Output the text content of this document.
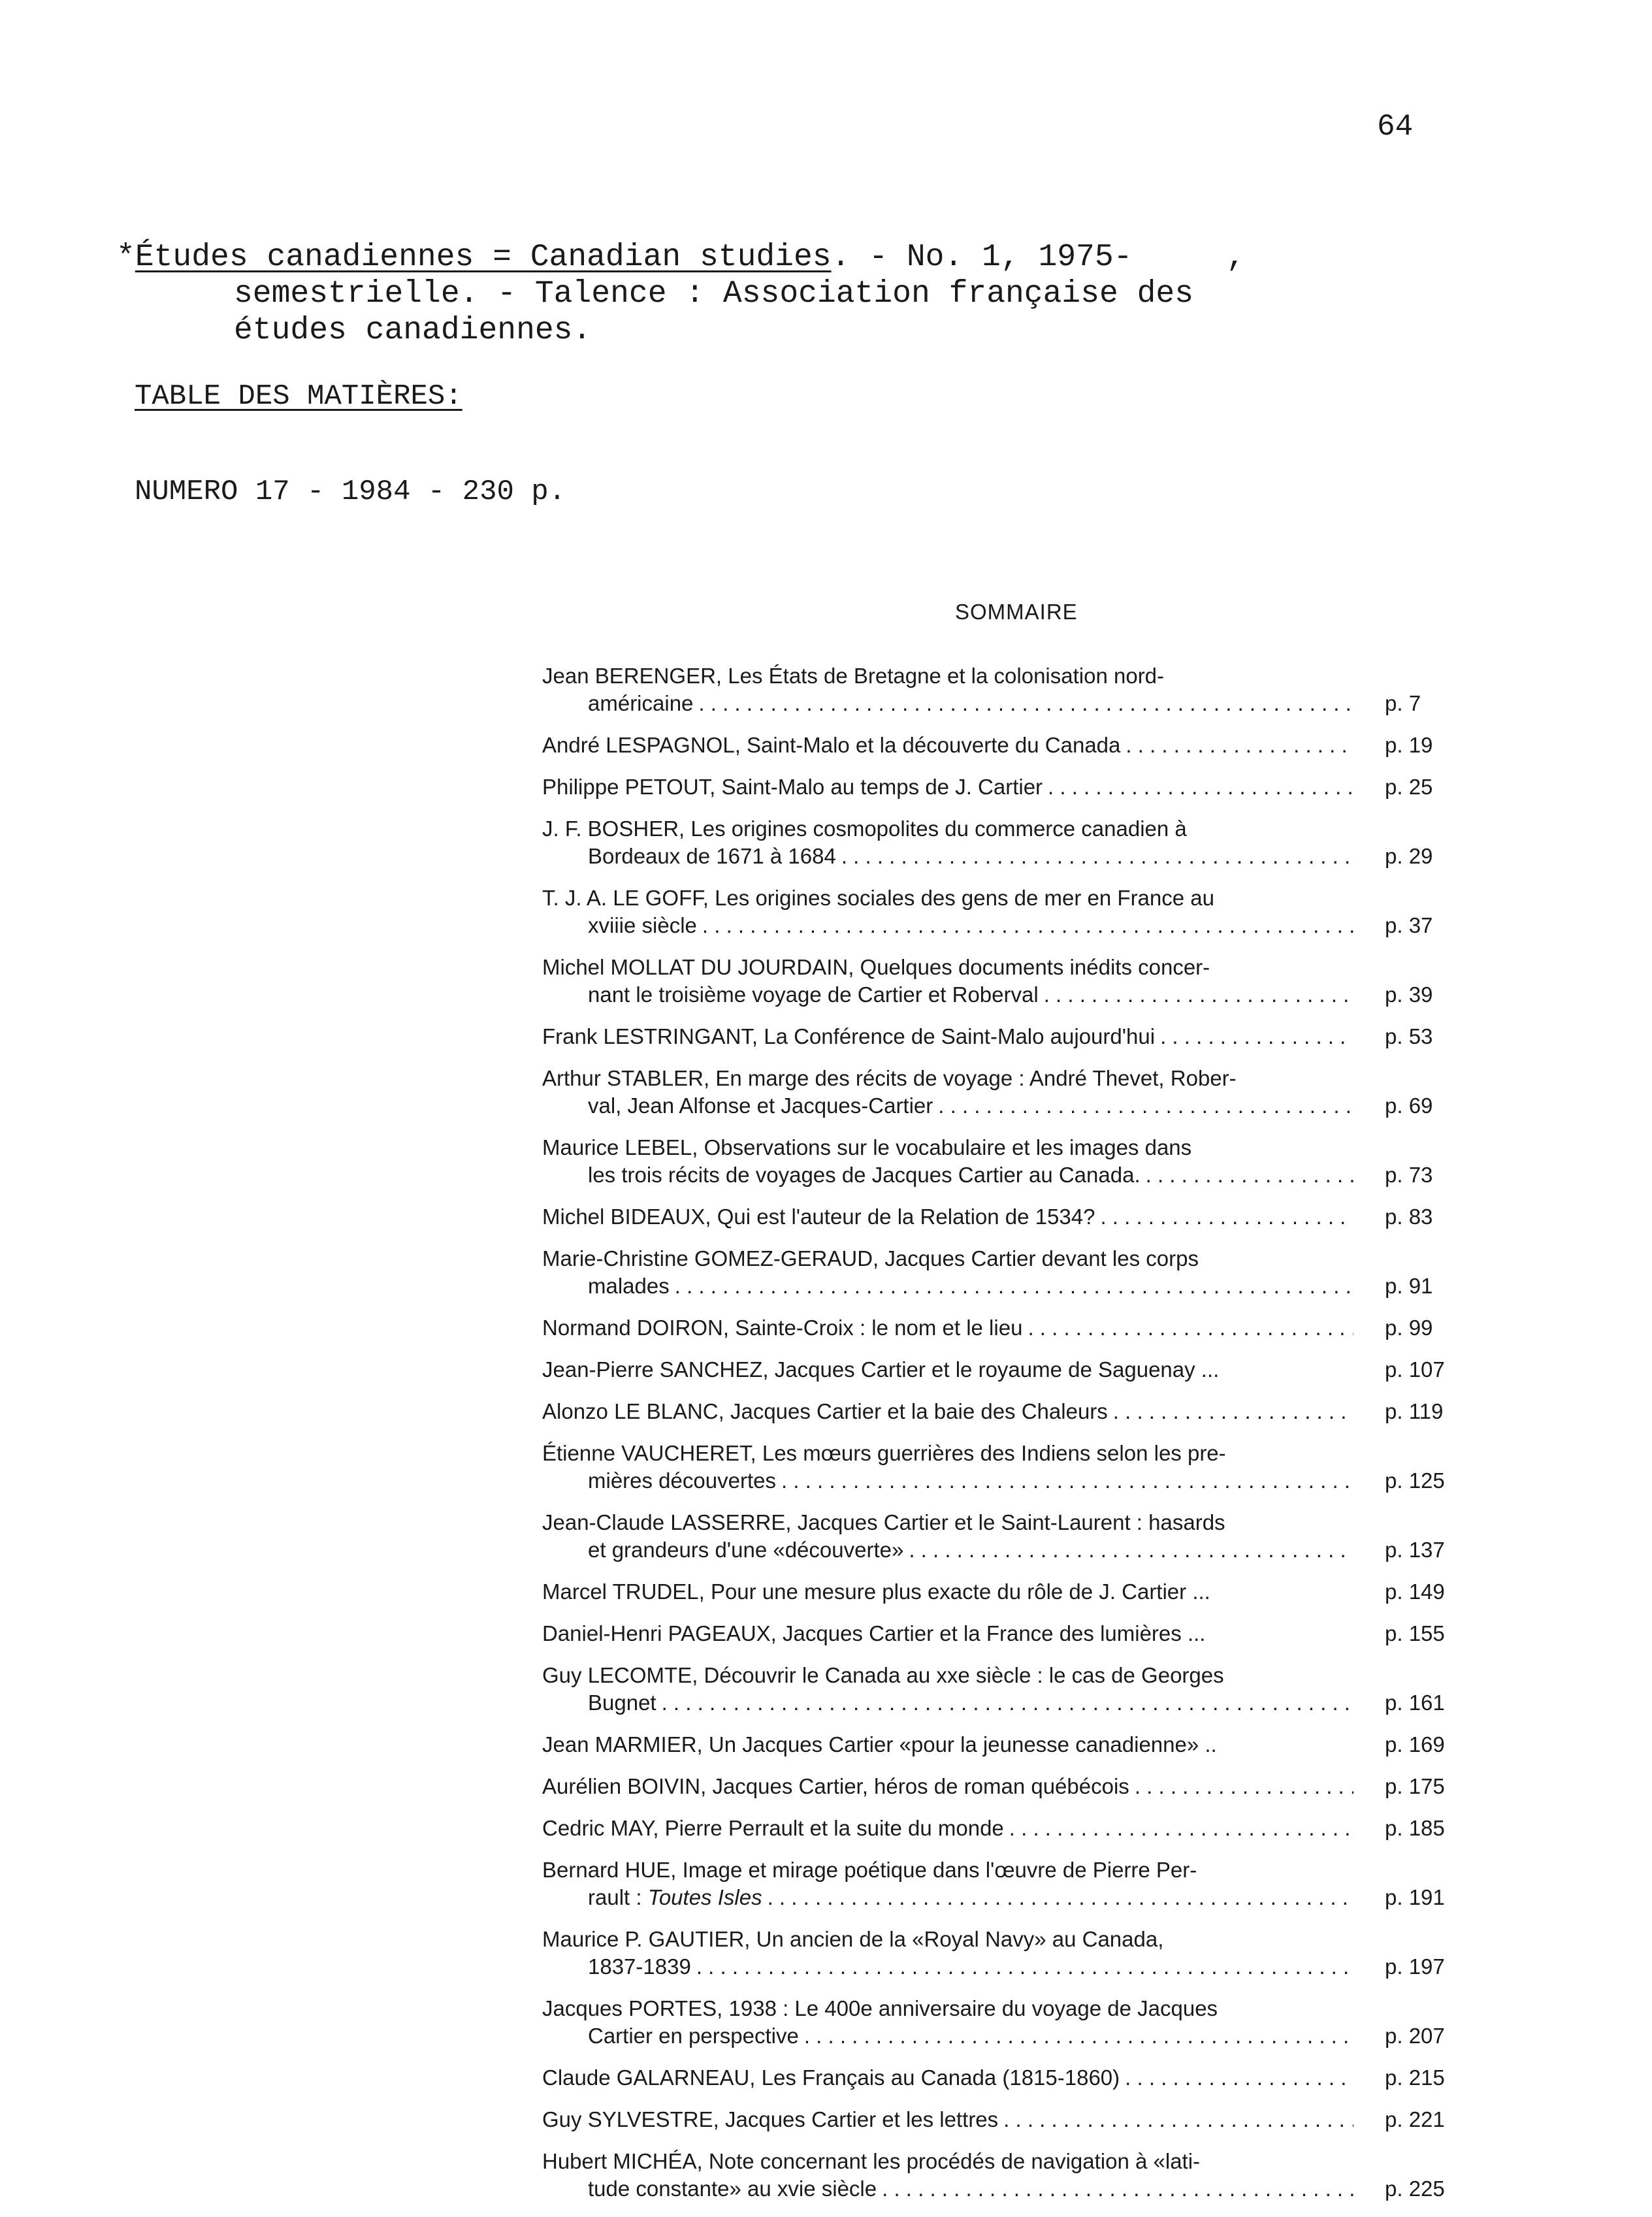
64
*Études canadiennes = Canadian studies. - No. 1, 1975-     ,
semestrielle. - Talence : Association française des
études canadiennes.
TABLE DES MATIÈRES:
NUMERO 17 - 1984 - 230 p.
SOMMAIRE
Jean BERENGER, Les États de Bretagne et la colonisation nord-
américaine . . .	p. 7
André LESPAGNOL, Saint-Malo et la découverte du Canada . . .	p. 19
Philippe PETOUT, Saint-Malo au temps de J. Cartier . . .	p. 25
J. F. BOSHER, Les origines cosmopolites du commerce canadien à
Bordeaux de 1671 à 1684 . . .	p. 29
T. J. A. LE GOFF, Les origines sociales des gens de mer en France au
xviiie siècle . . .	p. 37
Michel MOLLAT DU JOURDAIN, Quelques documents inédits concer-
nant le troisième voyage de Cartier et Roberval . . .	p. 39
Frank LESTRINGANT, La Conférence de Saint-Malo aujourd'hui . . .	p. 53
Arthur STABLER, En marge des récits de voyage : André Thevet, Rober-
val, Jean Alfonse et Jacques-Cartier . . .	p. 69
Maurice LEBEL, Observations sur le vocabulaire et les images dans
les trois récits de voyages de Jacques Cartier au Canada. . . .	p. 73
Michel BIDEAUX, Qui est l'auteur de la Relation de 1534? . . .	p. 83
Marie-Christine GOMEZ-GERAUD, Jacques Cartier devant les corps
malades . . .	p. 91
Normand DOIRON, Sainte-Croix : le nom et le lieu . . .	p. 99
Jean-Pierre SANCHEZ, Jacques Cartier et le royaume de Saguenay ...	p. 107
Alonzo LE BLANC, Jacques Cartier et la baie des Chaleurs . . .	p. 119
Étienne VAUCHERET, Les mœurs guerrières des Indiens selon les pre-
mières découvertes . . .	p. 125
Jean-Claude LASSERRE, Jacques Cartier et le Saint-Laurent : hasards
et grandeurs d'une «découverte» . . .	p. 137
Marcel TRUDEL, Pour une mesure plus exacte du rôle de J. Cartier ...	p. 149
Daniel-Henri PAGEAUX, Jacques Cartier et la France des lumières ...	p. 155
Guy LECOMTE, Découvrir le Canada au xxe siècle : le cas de Georges
Bugnet . . .	p. 161
Jean MARMIER, Un Jacques Cartier «pour la jeunesse canadienne» ..	p. 169
Aurélien BOIVIN, Jacques Cartier, héros de roman québécois . . .	p. 175
Cedric MAY, Pierre Perrault et la suite du monde . . .	p. 185
Bernard HUE, Image et mirage poétique dans l'œuvre de Pierre Per-
rault : Toutes Isles . . .	p. 191
Maurice P. GAUTIER, Un ancien de la «Royal Navy» au Canada,
1837-1839 . . .	p. 197
Jacques PORTES, 1938 : Le 400e anniversaire du voyage de Jacques
Cartier en perspective . . .	p. 207
Claude GALARNEAU, Les Français au Canada (1815-1860) . . .	p. 215
Guy SYLVESTRE, Jacques Cartier et les lettres . . .	p. 221
Hubert MICHÉA, Note concernant les procédés de navigation à «lati-
tude constante» au xvie siècle . . .	p. 225
